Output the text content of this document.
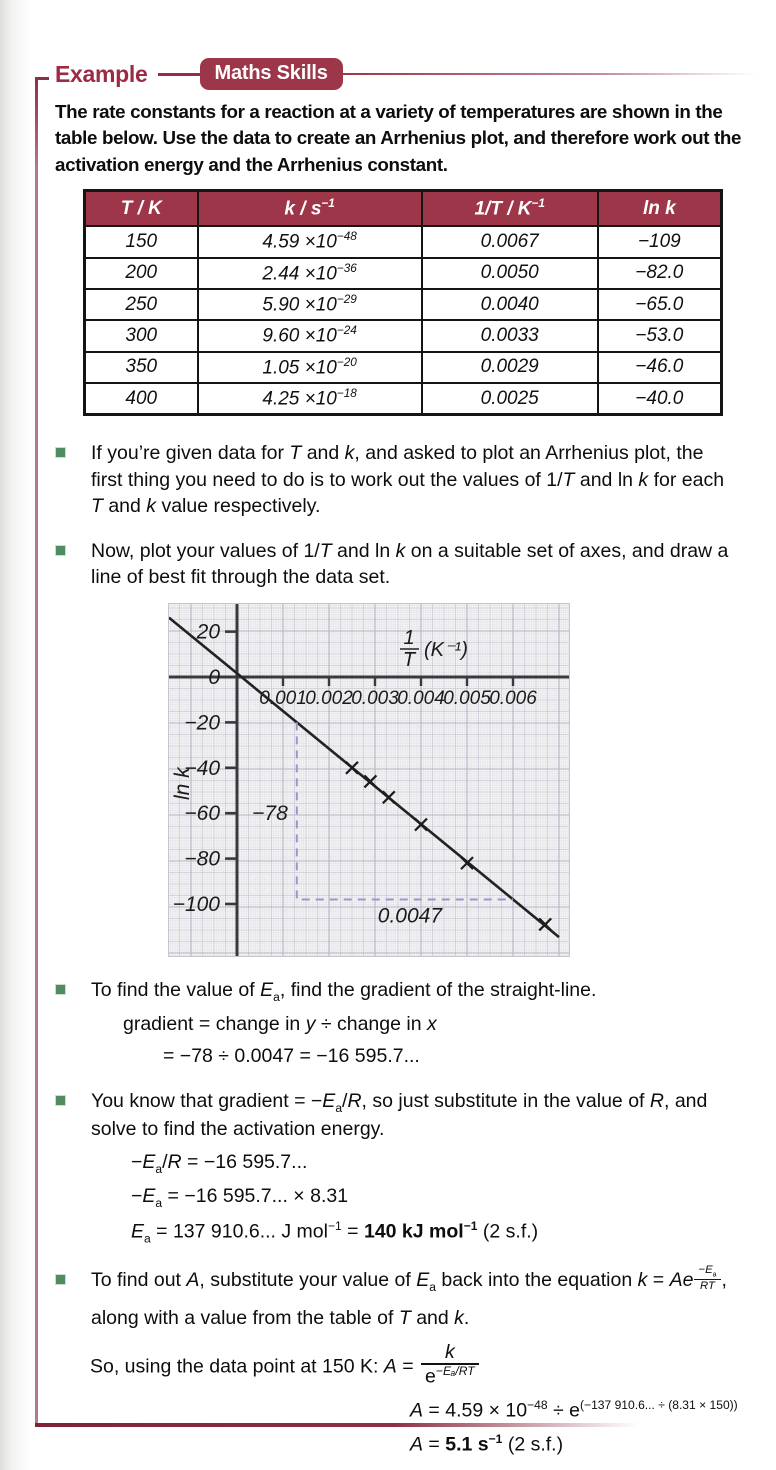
Example	Maths Skills

The rate constants for a reaction at a variety of temperatures are shown in the table below. Use the data to create an Arrhenius plot, and therefore work out the activation energy and the Arrhenius constant.

T / K	k / $s^{-1}$	$1/T / K^{-1}$	ln k
150	$4.59 \times 10^{-48}$	0.0067	−109
200	$2.44 \times 10^{-36}$	0.0050	−82.0
250	$5.90 \times 10^{-29}$	0.0040	−65.0
300	$9.60 \times 10^{-24}$	0.0033	−53.0
350	$1.05 \times 10^{-20}$	0.0029	−46.0
400	$4.25 \times 10^{-18}$	0.0025	−40.0
If you’re given data for T and k, and asked to plot an Arrhenius plot, the first thing you need to do is to work out the values of 1/T and ln k for each T and k value respectively.
Now, plot your values of 1/T and ln k on a suitable set of axes, and draw a line of best fit through the data set.
0.001
0.002
0.003
0.004
0.005
0.006
20
0
−20
−40
−60
−80
−100
−78
0.0047
ln k
1
T (K⁻¹)
To find the value of $E_a$, find the gradient of the straight-line.
gradient = change in y ÷ change in x
= −78 ÷ 0.0047 = −16 595.7...
You know that gradient = $-E_a/R$, so just substitute in the value of R, and solve to find the activation energy.
$-E_a/R = -16$ 595.7...
$-E_a = -16$ 595.7... × 8.31
$E_a = 137$ 910.6... J mol$^{-1}$ = 140 kJ mol$^{-1}$ (2 s.f.)
To find out A, substitute your value of $E_a$ back into the equation k = Ae $\frac{-E_a}{RT}$ , along with a value from the table of T and k.
So, using the data point at 150 K: $A = \frac{k}{e^{-E_a/RT}}$
$A = 4.59 \times 10^{-48} \div e^{(-137 910.6... \div (8.31 \times 150))}$
A = 5.1 $s^{-1}$ (2 s.f.)
